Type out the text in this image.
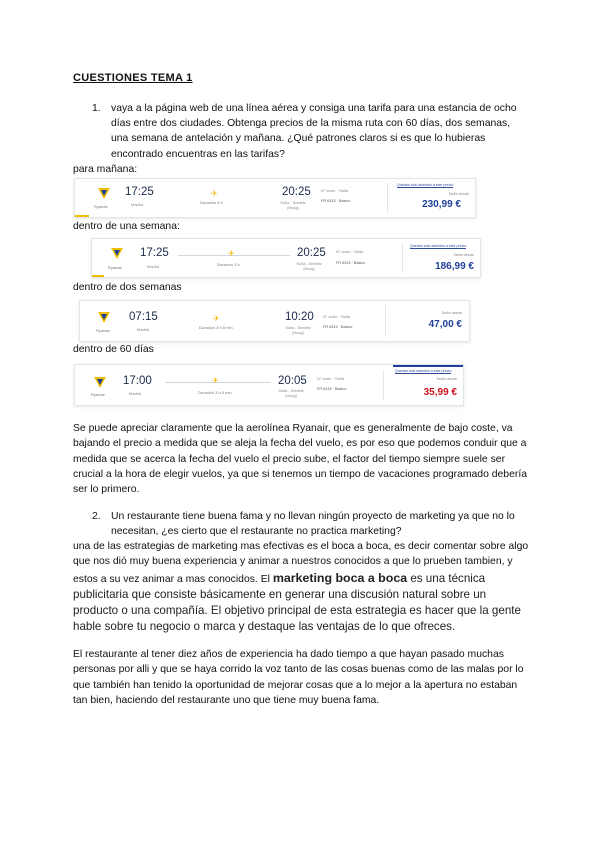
CUESTIONES TEMA 1
1. vaya a la página web de una línea aérea y consiga una tarifa para una estancia de ocho días entre dos ciudades. Obtenga precios de la misma ruta con 60 días, dos semanas, una semana de antelación y mañana. ¿Qué patrones claros si es que lo hubieras encontrado encuentras en las tarifas?
para mañana:
Ryanair
17:25
Madrid
✈
Duración 3 h
20:25
Sofía - Sredetz (Hung)
N° vuelo · Tarifa
FR 6315 · Básico
Quedan solo asientos a este precio
Tarifa desde
230,99 €
dentro de una semana:
Ryanair
17:25
Madrid
✈
Duración 3 h
20:25
Sofía - Sredetz (Hung)
N° vuelo · Tarifa
FR 6315 · Básico
Quedan solo asientos a este precio
Tarifa desde
186,99 €
dentro de dos semanas
Ryanair
07:15
Madrid
✈
Duración 3 h 5 min
10:20
Sofía - Sredetz (Hung)
N° vuelo · Tarifa
FR 6313 · Básico
Tarifa desde
47,00 €
dentro de 60 días
Ryanair
17:00
Madrid
✈
Duración 3 h 5 min
20:05
Sofía - Sredetz (Hung)
N° vuelo · Tarifa
FR 6315 · Básico
Quedan solo asientos a este precio
Tarifa desde
35,99 €
Se puede apreciar claramente que la aerolínea Ryanair, que es generalmente de bajo coste, va bajando el precio a medida que se aleja la fecha del vuelo, es por eso que podemos conduir que a medida que se acerca la fecha del vuelo el precio sube, el factor del tiempo siempre suele ser crucial a la hora de elegir vuelos, ya que si tenemos un tiempo de vacaciones programado debería ser lo primero.
2. Un restaurante tiene buena fama y no llevan ningún proyecto de marketing ya que no lo necesitan, ¿es cierto que el restaurante no practica marketing?
una de las estrategias de marketing mas efectivas es el boca a boca, es decir comentar sobre algo que nos dió muy buena experiencia y animar a nuestros conocidos a que lo prueben tambien, y estos a su vez animar a mas conocidos. El marketing boca a boca es una técnica publicitaria que consiste básicamente en generar una discusión natural sobre un producto o una compañía. El objetivo principal de esta estrategia es hacer que la gente hable sobre tu negocio o marca y destaque las ventajas de lo que ofreces.
El restaurante al tener diez años de experiencia ha dado tiempo a que hayan pasado muchas personas por alli y que se haya corrido la voz tanto de las cosas buenas como de las malas por lo que también han tenido la oportunidad de mejorar cosas que a lo mejor a la apertura no estaban tan bien, haciendo del restaurante uno que tiene muy buena fama.
